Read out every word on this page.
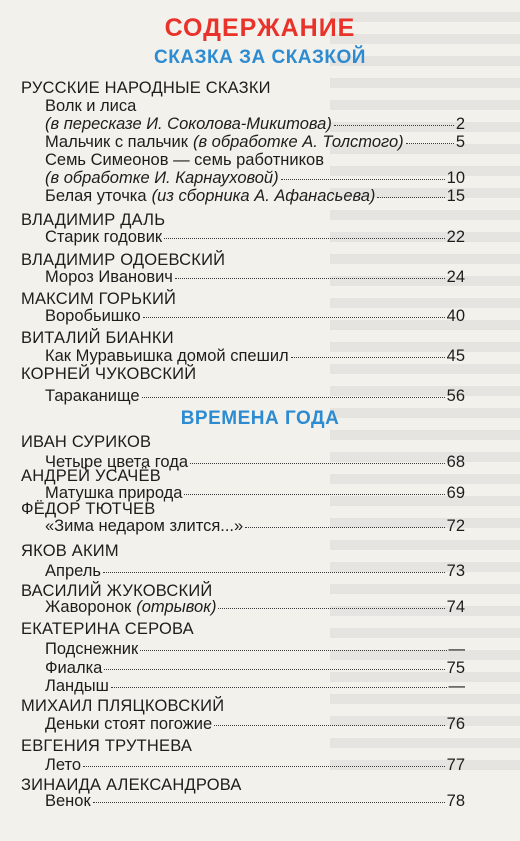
СОДЕРЖАНИЕ
СКАЗКА ЗА СКАЗКОЙ
РУССКИЕ НАРОДНЫЕ СКАЗКИ
Волк и лиса
(в пересказе И. Соколова-Микитова)	2
Мальчик с пальчик (в обработке А. Толстого)	5
Семь Симеонов — семь работников
(в обработке И. Карнауховой)	10
Белая уточка (из сборника А. Афанасьева)	15
ВЛАДИМИР ДАЛЬ
Старик годовик	22
ВЛАДИМИР ОДОЕВСКИЙ
Мороз Иванович	24
МАКСИМ ГОРЬКИЙ
Воробьишко	40
ВИТАЛИЙ БИАНКИ
Как Муравьишка домой спешил	45
КОРНЕЙ ЧУКОВСКИЙ
Тараканище	56
ВРЕМЕНА ГОДА
ИВАН СУРИКОВ
Четыре цвета года	68
АНДРЕЙ УСАЧЁВ
Матушка природа	69
ФЁДОР ТЮТЧЕВ
«Зима недаром злится...»	72
ЯКОВ АКИМ
Апрель	73
ВАСИЛИЙ ЖУКОВСКИЙ
Жаворонок (отрывок)	74
ЕКАТЕРИНА СЕРОВА
Подснежник	—
Фиалка	75
Ландыш	—
МИХАИЛ ПЛЯЦКОВСКИЙ
Деньки стоят погожие	76
ЕВГЕНИЯ ТРУТНЕВА
Лето	77
ЗИНАИДА АЛЕКСАНДРОВА
Венок	78
